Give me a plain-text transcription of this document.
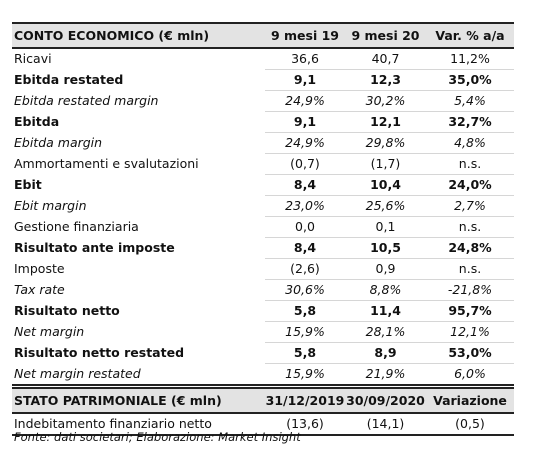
CONTO ECONOMICO (€ mln)	9 mesi 19	9 mesi 20	Var. % a/a
Ricavi	36,6	40,7	11,2%
Ebitda restated	9,1	12,3	35,0%
Ebitda restated margin	24,9%	30,2%	5,4%
Ebitda	9,1	12,1	32,7%
Ebitda margin	24,9%	29,8%	4,8%
Ammortamenti e svalutazioni	(0,7)	(1,7)	n.s.
Ebit	8,4	10,4	24,0%
Ebit margin	23,0%	25,6%	2,7%
Gestione finanziaria	0,0	0,1	n.s.
Risultato ante imposte	8,4	10,5	24,8%
Imposte	(2,6)	0,9	n.s.
Tax rate	30,6%	8,8%	-21,8%
Risultato netto	5,8	11,4	95,7%
Net margin	15,9%	28,1%	12,1%
Risultato netto restated	5,8	8,9	53,0%
Net margin restated	15,9%	21,9%	6,0%
STATO PATRIMONIALE (€ mln)	31/12/2019	30/09/2020	Variazione
Indebitamento finanziario netto	(13,6)	(14,1)	(0,5)
Fonte: dati societari; Elaborazione: Market Insight
